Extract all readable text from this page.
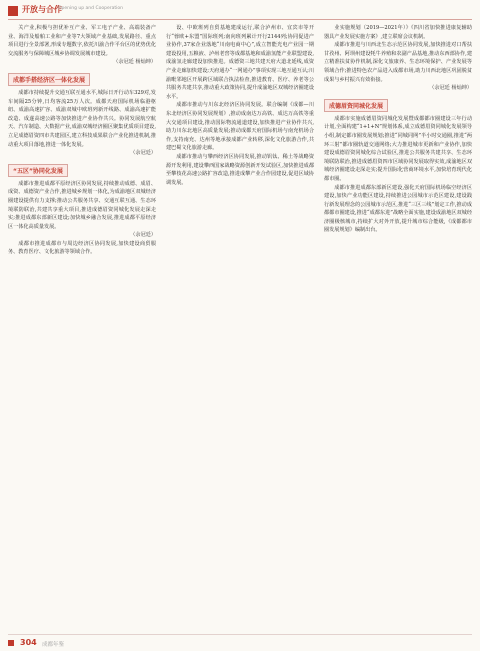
开放与合作
Opening up and Cooperation

关产业,积极与担优补互产业、军工电子产业、高端装备产业、海洋及船舶工业和产业等7大领域产业基础,发展路径、重点项目进行全景部署,形成专题数字,依托川渝合作平台区的优势优化交流服务与保障城区城乡协调发展城市建设。

（余冠廷 杨灿坤）

成都手搭经济区一体化发展

成都市持续提升交通互联互通水平,城际日开行动车329对,发车间隔25分钟,日均客流25万人次。成都天府国际机场临港枢纽、成渝高速扩容、成渝双城中欧班列新开线路、成渝高速扩能改造、成遂高速公路等加快推进产业协作共兴。协同发展航空航天、汽车制造、大数据产业,成渝双城经济圈区聚集优质项目建设,立足成德眉资四市共建园区,建立科技成果联合产业化推进机制,推动重大项目落地,推进一体化发展。

（余冠廷）

“五区”协同化发展

成都市推进成都平原经济区协同发展,持续推动成德、成眉、成资、成德资产业合作,推进城乡规划一体化,为成渝地区双城经济圈建设提供有力支撑;推动公共服务共享、交通互联互通、生态环境联防联治,共建共享重大项目,推进成德眉资同城化发展走深走实;推进成都东部新区建设;加快城乡融合发展,推进成都平原经济区一体化高质量发展。

（余冠廷）

成都市推进成都市与周边经济区协同发展,加快建设商贸服务、教育医疗、文化旅游等领域合作。

设、中欧班列自贸基地建成运行,联合泸州市、宜宾市等开行“蓉欧+东盟”国际班列;南向班列累计开行2144列;协同促进产业协作,37家企业落地“川南电商中心”,成立智能光电产业园一期建设投用,五粮液、泸州老窖等成都基地和成渝氢能产业联盟建设,成渝氢走廊建设加快推进。成德资三地共建天府大道北延线,成资产业走廊加快建设;天府通办“一网通办”事项实现三地互通互认;川渝毗邻地区开展跨区域联合执法检查,推进教育、医疗、养老等公共服务共建共享,推动重大政策协同,提升成渝地区双城经济圈建设水平。

成都市推动与川东北经济区协同发展。联合编制《成都—川东北经济区协同发展规划》,推动成南达万高铁、成达万高铁等重大交通项目建设,推动国际物流通道建设,加快推进产业协作共兴,助力川东北地区高质量发展;推动成都天府国际机场与南充机场合作,支持南充、达州等地承接成都产业转移,深化文化旅游合作,共建巴蜀文化旅游走廊。

成都市推动与攀西经济区协同发展,推动钒钛、稀土等战略资源开发利用,建设攀西国家战略资源创新开发试验区,加快推进成都至攀枝花高速公路扩容改造,推进成攀产业合作园建设,促进区域协调发展。

业实施规划（2019—2021年）》《四川省加快推进康复辅助器具产业发展实施方案》,建立联席会议机制。

成都市推进与川西北生态示范区协同发展,加快推进对口帮扶甘孜州、阿坝州建设牦牛养殖和农副产品基地,推动东西部协作,建立精准扶贫协作机制,深化文旅康养、生态环境保护、产业发展等领域合作;推进特色农产品进入成都市场,助力川西北地区巩固脱贫成果与乡村振兴有效衔接。

（余冠廷 杨灿坤）

成德眉资同城化发展

成都市实施成德眉资同城化发展暨成都都市圈建设三年行动计划,全面构建“1+1+N”规划体系,成立成德眉资同城化发展领导小组,制定都市圈发展规划;推进“同城同网”半小时交通圈,推进“两环三射”都市圈轨道交通网络;大力推进城市更新和产业协作,加快建设成德眉资同城化综合试验区,推进公共服务共建共享、生态环境联防联治,推进成德眉资四市区域协同发展取得实效,成渝地区双城经济圈建设走深走实;提升国际化营商环境水平,加快培育现代化都市圈。

成都市推进成都东部新区建设,强化天府国际机场临空经济区建设,加快产业功能区建设,持续推进公园城市示范区建设,建设践行新发展理念的公园城市示范区,推进“三区三线”划定工作,推动成都都市圈建设,推进“成都东进”战略全面实施,建设成渝地区双城经济圈极核城市,持续扩大对外开放,提升城市综合能级,《成都都市圈发展规划》编制出台。

304 成都年鉴
